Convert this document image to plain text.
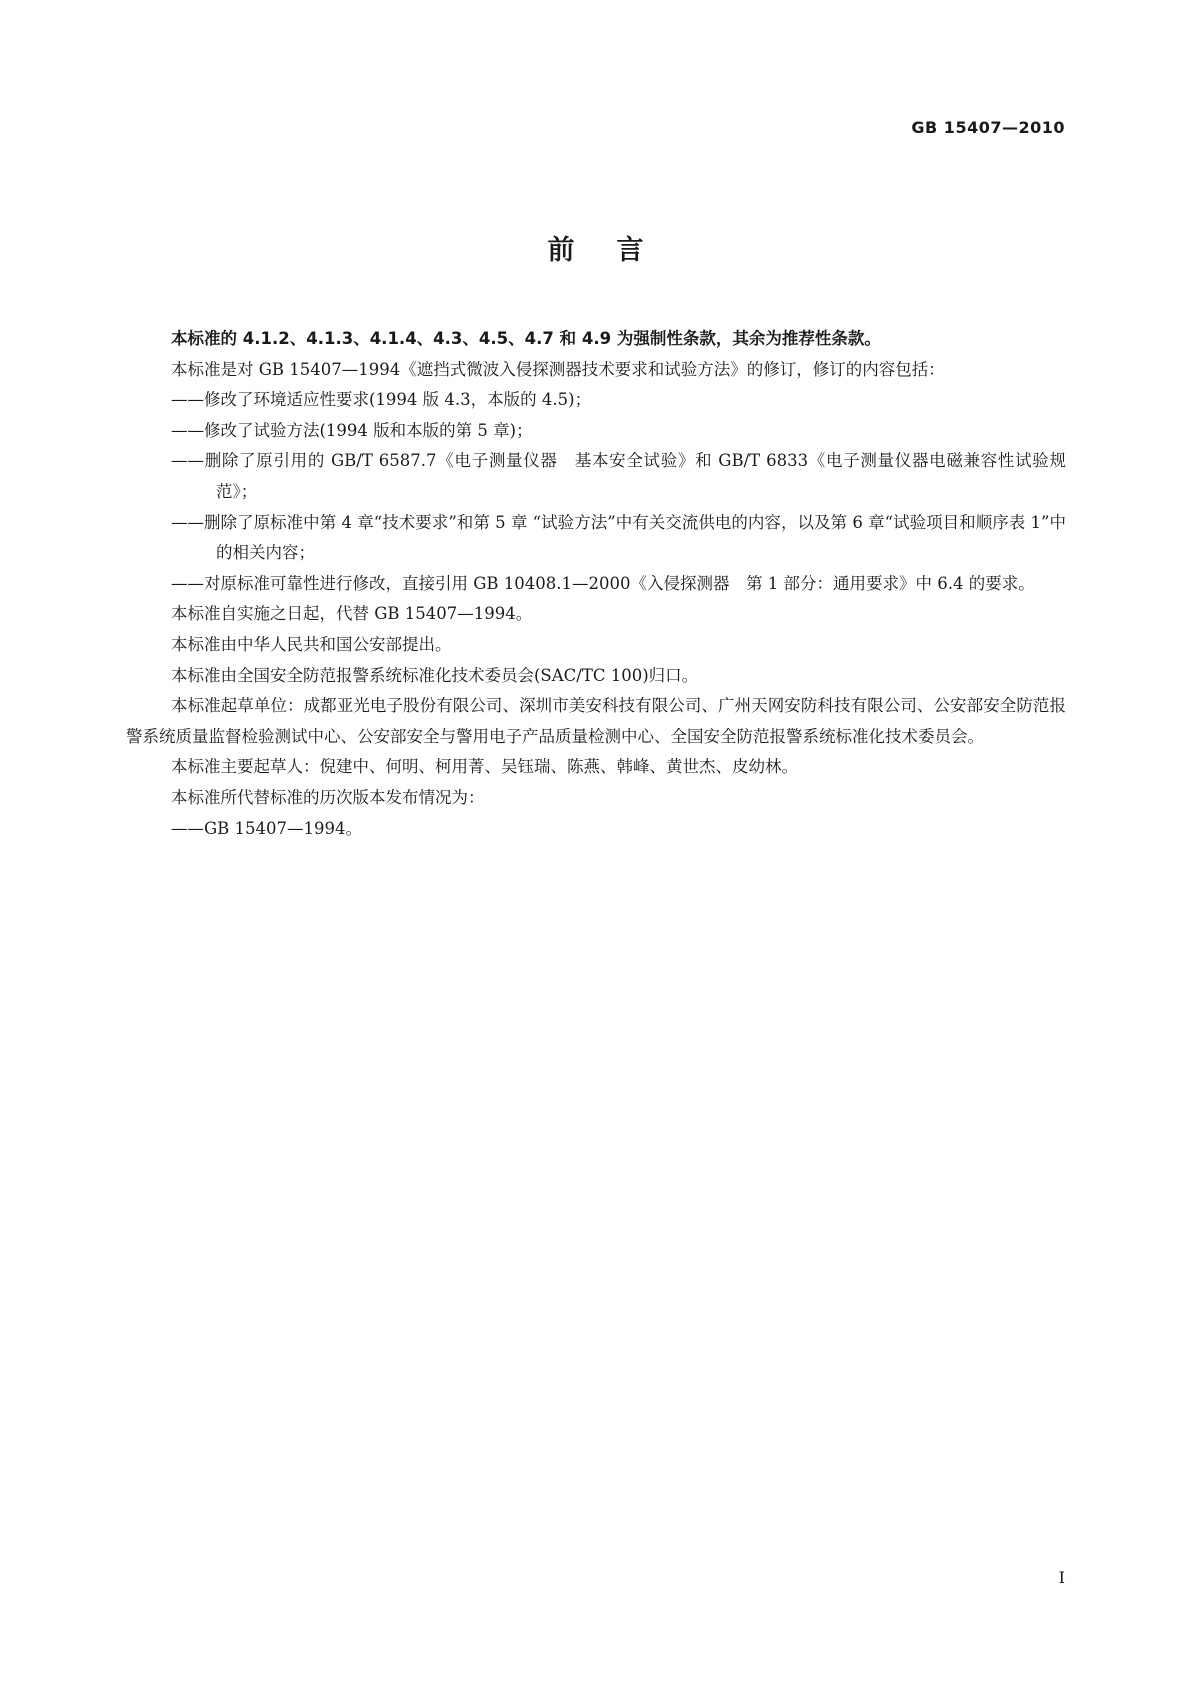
GB 15407—2010
前言

本标准的 4.1.2、4.1.3、4.1.4、4.3、4.5、4.7 和 4.9 为强制性条款，其余为推荐性条款。

本标准是对 GB 15407—1994《遮挡式微波入侵探测器技术要求和试验方法》的修订，修订的内容包括：

——修改了环境适应性要求(1994 版 4.3，本版的 4.5)；

——修改了试验方法(1994 版和本版的第 5 章)；

——删除了原引用的 GB/T 6587.7《电子测量仪器　基本安全试验》和 GB/T 6833《电子测量仪器电磁兼容性试验规范》；

——删除了原标准中第 4 章“技术要求”和第 5 章 “试验方法”中有关交流供电的内容，以及第 6 章“试验项目和顺序表 1”中的相关内容；

——对原标准可靠性进行修改，直接引用 GB 10408.1—2000《入侵探测器　第 1 部分：通用要求》中 6.4 的要求。

本标准自实施之日起，代替 GB 15407—1994。

本标准由中华人民共和国公安部提出。

本标准由全国安全防范报警系统标准化技术委员会(SAC/TC 100)归口。

本标准起草单位：成都亚光电子股份有限公司、深圳市美安科技有限公司、广州天网安防科技有限公司、公安部安全防范报警系统质量监督检验测试中心、公安部安全与警用电子产品质量检测中心、全国安全防范报警系统标准化技术委员会。

本标准主要起草人：倪建中、何明、柯用菁、吴钰瑞、陈燕、韩峰、黄世杰、皮幼林。

本标准所代替标准的历次版本发布情况为：

——GB 15407—1994。

I
